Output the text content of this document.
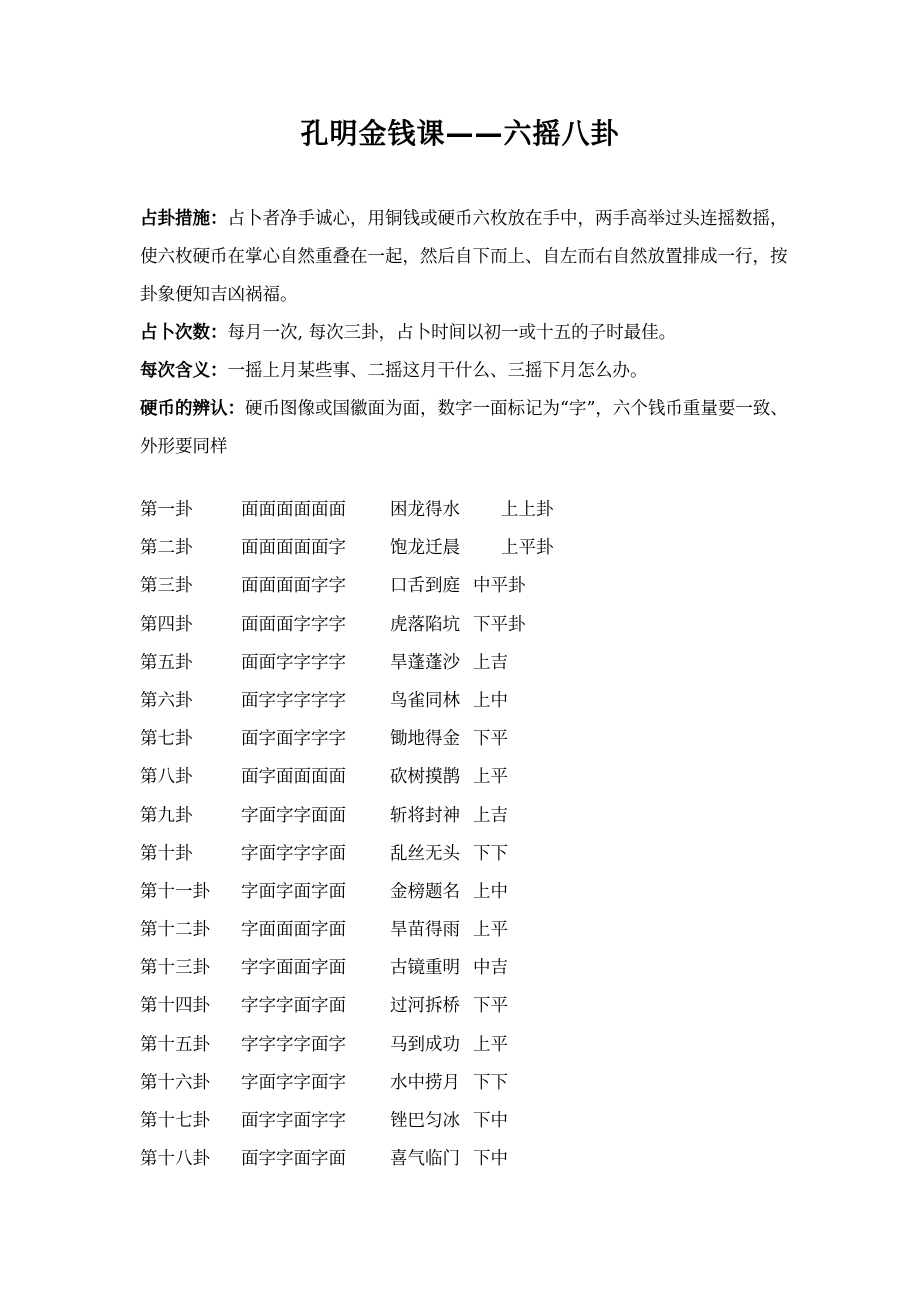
孔明金钱课——六摇八卦

占卦措施：占卜者净手诚心，用铜钱或硬币六枚放在手中，两手高举过头连摇数摇，使六枚硬币在掌心自然重叠在一起，然后自下而上、自左而右自然放置排成一行，按卦象便知吉凶祸福。

占卜次数：每月一次, 每次三卦，占卜时间以初一或十五的子时最佳。

每次含义：一摇上月某些事、二摇这月干什么、三摇下月怎么办。

硬币的辨认：硬币图像或国徽面为面，数字一面标记为“字”，六个钱币重量要一致、外形要同样

第一卦	面面面面面面	困龙得水 上上卦
第二卦	面面面面面字	饱龙迁晨 上平卦
第三卦	面面面面字字	口舌到庭 中平卦
第四卦	面面面字字字	虎落陷坑 下平卦
第五卦	面面字字字字	旱蓬蓬沙 上吉
第六卦	面字字字字字	鸟雀同林 上中
第七卦	面字面字字字	锄地得金 下平
第八卦	面字面面面面	砍树摸鹊 上平
第九卦	字面字字面面	斩将封神 上吉
第十卦	字面字字字面	乱丝无头 下下
第十一卦 字面字面字面	金榜题名 上中
第十二卦 字面面面字面	旱苗得雨 上平
第十三卦 字字面面字面	古镜重明 中吉
第十四卦 字字字面字面	过河拆桥 下平
第十五卦 字字字字面字	马到成功 上平
第十六卦 字面字字面字	水中捞月 下下
第十七卦 面字字面字字	锉巴匀冰 下中
第十八卦 面字字面字面	喜气临门 下中
